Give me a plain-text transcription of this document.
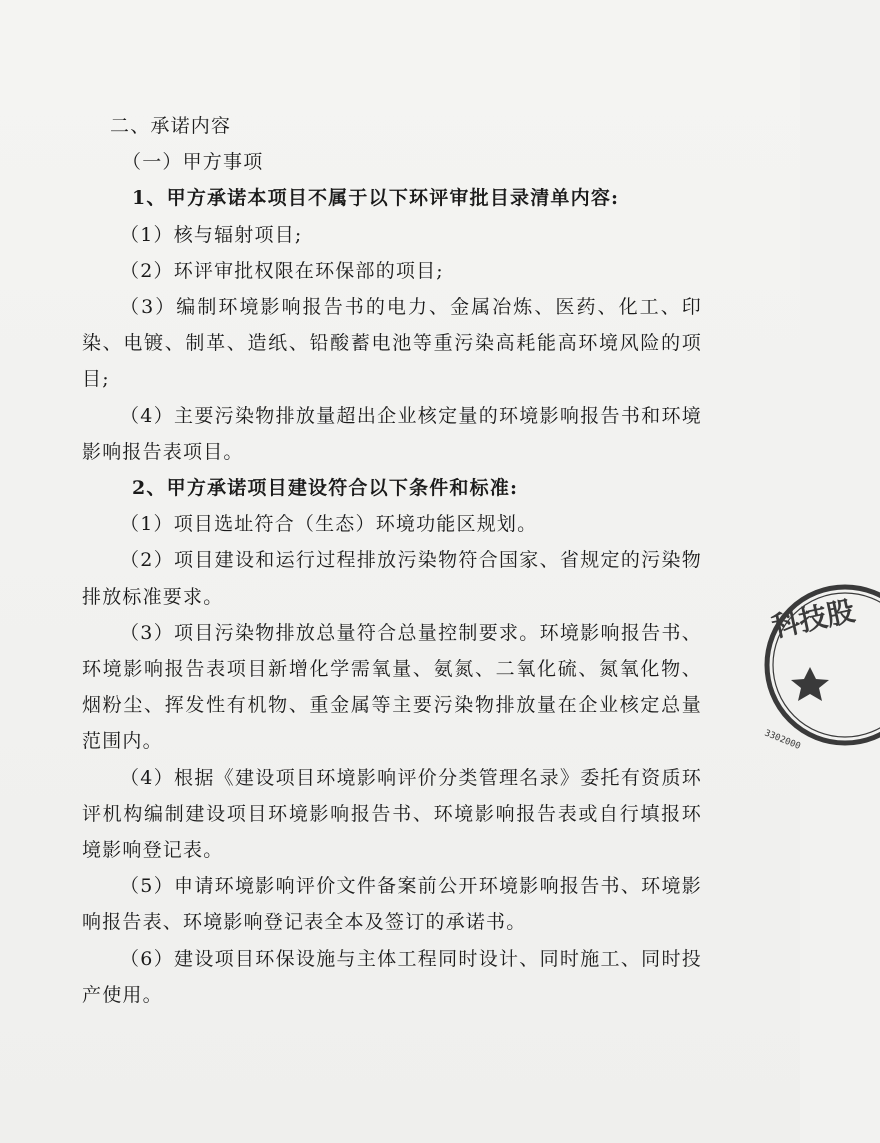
二、承诺内容
（一）甲方事项
1、甲方承诺本项目不属于以下环评审批目录清单内容:
（1）核与辐射项目;
（2）环评审批权限在环保部的项目;
（3）编制环境影响报告书的电力、金属冶炼、医药、化工、印染、电镀、制革、造纸、铅酸蓄电池等重污染高耗能高环境风险的项目;
（4）主要污染物排放量超出企业核定量的环境影响报告书和环境影响报告表项目。
2、甲方承诺项目建设符合以下条件和标准:
（1）项目选址符合（生态）环境功能区规划。
（2）项目建设和运行过程排放污染物符合国家、省规定的污染物排放标准要求。
（3）项目污染物排放总量符合总量控制要求。环境影响报告书、环境影响报告表项目新增化学需氧量、氨氮、二氧化硫、氮氧化物、烟粉尘、挥发性有机物、重金属等主要污染物排放量在企业核定总量范围内。
（4）根据《建设项目环境影响评价分类管理名录》委托有资质环评机构编制建设项目环境影响报告书、环境影响报告表或自行填报环境影响登记表。
（5）申请环境影响评价文件备案前公开环境影响报告书、环境影响报告表、环境影响登记表全本及签订的承诺书。
（6）建设项目环保设施与主体工程同时设计、同时施工、同时投产使用。
科技股
3302000
